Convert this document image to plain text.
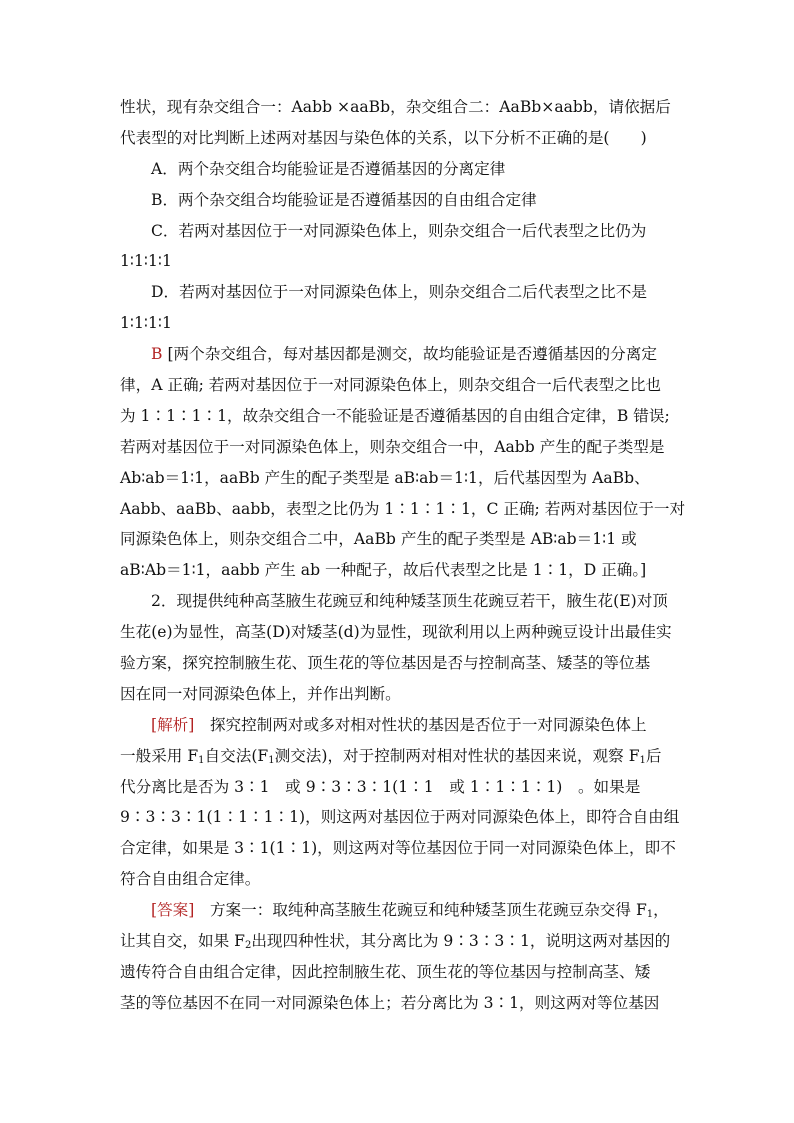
性状，现有杂交组合一：Aabb ×aaBb，杂交组合二：AaBb×aabb，请依据后
代表型的对比判断上述两对基因与染色体的关系，以下分析不正确的是(　　)
A．两个杂交组合均能验证是否遵循基因的分离定律
B．两个杂交组合均能验证是否遵循基因的自由组合定律
C．若两对基因位于一对同源染色体上，则杂交组合一后代表型之比仍为
1∶1∶1∶1
D．若两对基因位于一对同源染色体上，则杂交组合二后代表型之比不是
1∶1∶1∶1
B [两个杂交组合，每对基因都是测交，故均能验证是否遵循基因的分离定
律，A 正确; 若两对基因位于一对同源染色体上，则杂交组合一后代表型之比也
为 1∶1∶1∶1，故杂交组合一不能验证是否遵循基因的自由组合定律，B 错误;
若两对基因位于一对同源染色体上，则杂交组合一中，Aabb 产生的配子类型是
Ab∶ab＝1∶1，aaBb 产生的配子类型是 aB∶ab＝1∶1，后代基因型为 AaBb、
Aabb、aaBb、aabb，表型之比仍为 1∶1∶1∶1，C 正确; 若两对基因位于一对
同源染色体上，则杂交组合二中，AaBb 产生的配子类型是 AB∶ab＝1∶1 或
aB∶Ab＝1∶1，aabb 产生 ab 一种配子，故后代表型之比是 1∶1，D 正确。]
2．现提供纯种高茎腋生花豌豆和纯种矮茎顶生花豌豆若干，腋生花(E)对顶
生花(e)为显性，高茎(D)对矮茎(d)为显性，现欲利用以上两种豌豆设计出最佳实
验方案，探究控制腋生花、顶生花的等位基因是否与控制高茎、矮茎的等位基
因在同一对同源染色体上，并作出判断。
[解析]　探究控制两对或多对相对性状的基因是否位于一对同源染色体上
一般采用 $F_1$自交法($F_1$测交法)，对于控制两对相对性状的基因来说，观察 $F_1$后
代分离比是否为 3∶1　或 9∶3∶3∶1(1∶1　或 1∶1∶1∶1)　。如果是
9∶3∶3∶1(1∶1∶1∶1)，则这两对基因位于两对同源染色体上，即符合自由组
合定律，如果是 3∶1(1∶1)，则这两对等位基因位于同一对同源染色体上，即不
符合自由组合定律。
[答案]　方案一：取纯种高茎腋生花豌豆和纯种矮茎顶生花豌豆杂交得 $F_1$，
让其自交，如果 $F_2$出现四种性状，其分离比为 9∶3∶3∶1，说明这两对基因的
遗传符合自由组合定律，因此控制腋生花、顶生花的等位基因与控制高茎、矮
茎的等位基因不在同一对同源染色体上；若分离比为 3∶1，则这两对等位基因
